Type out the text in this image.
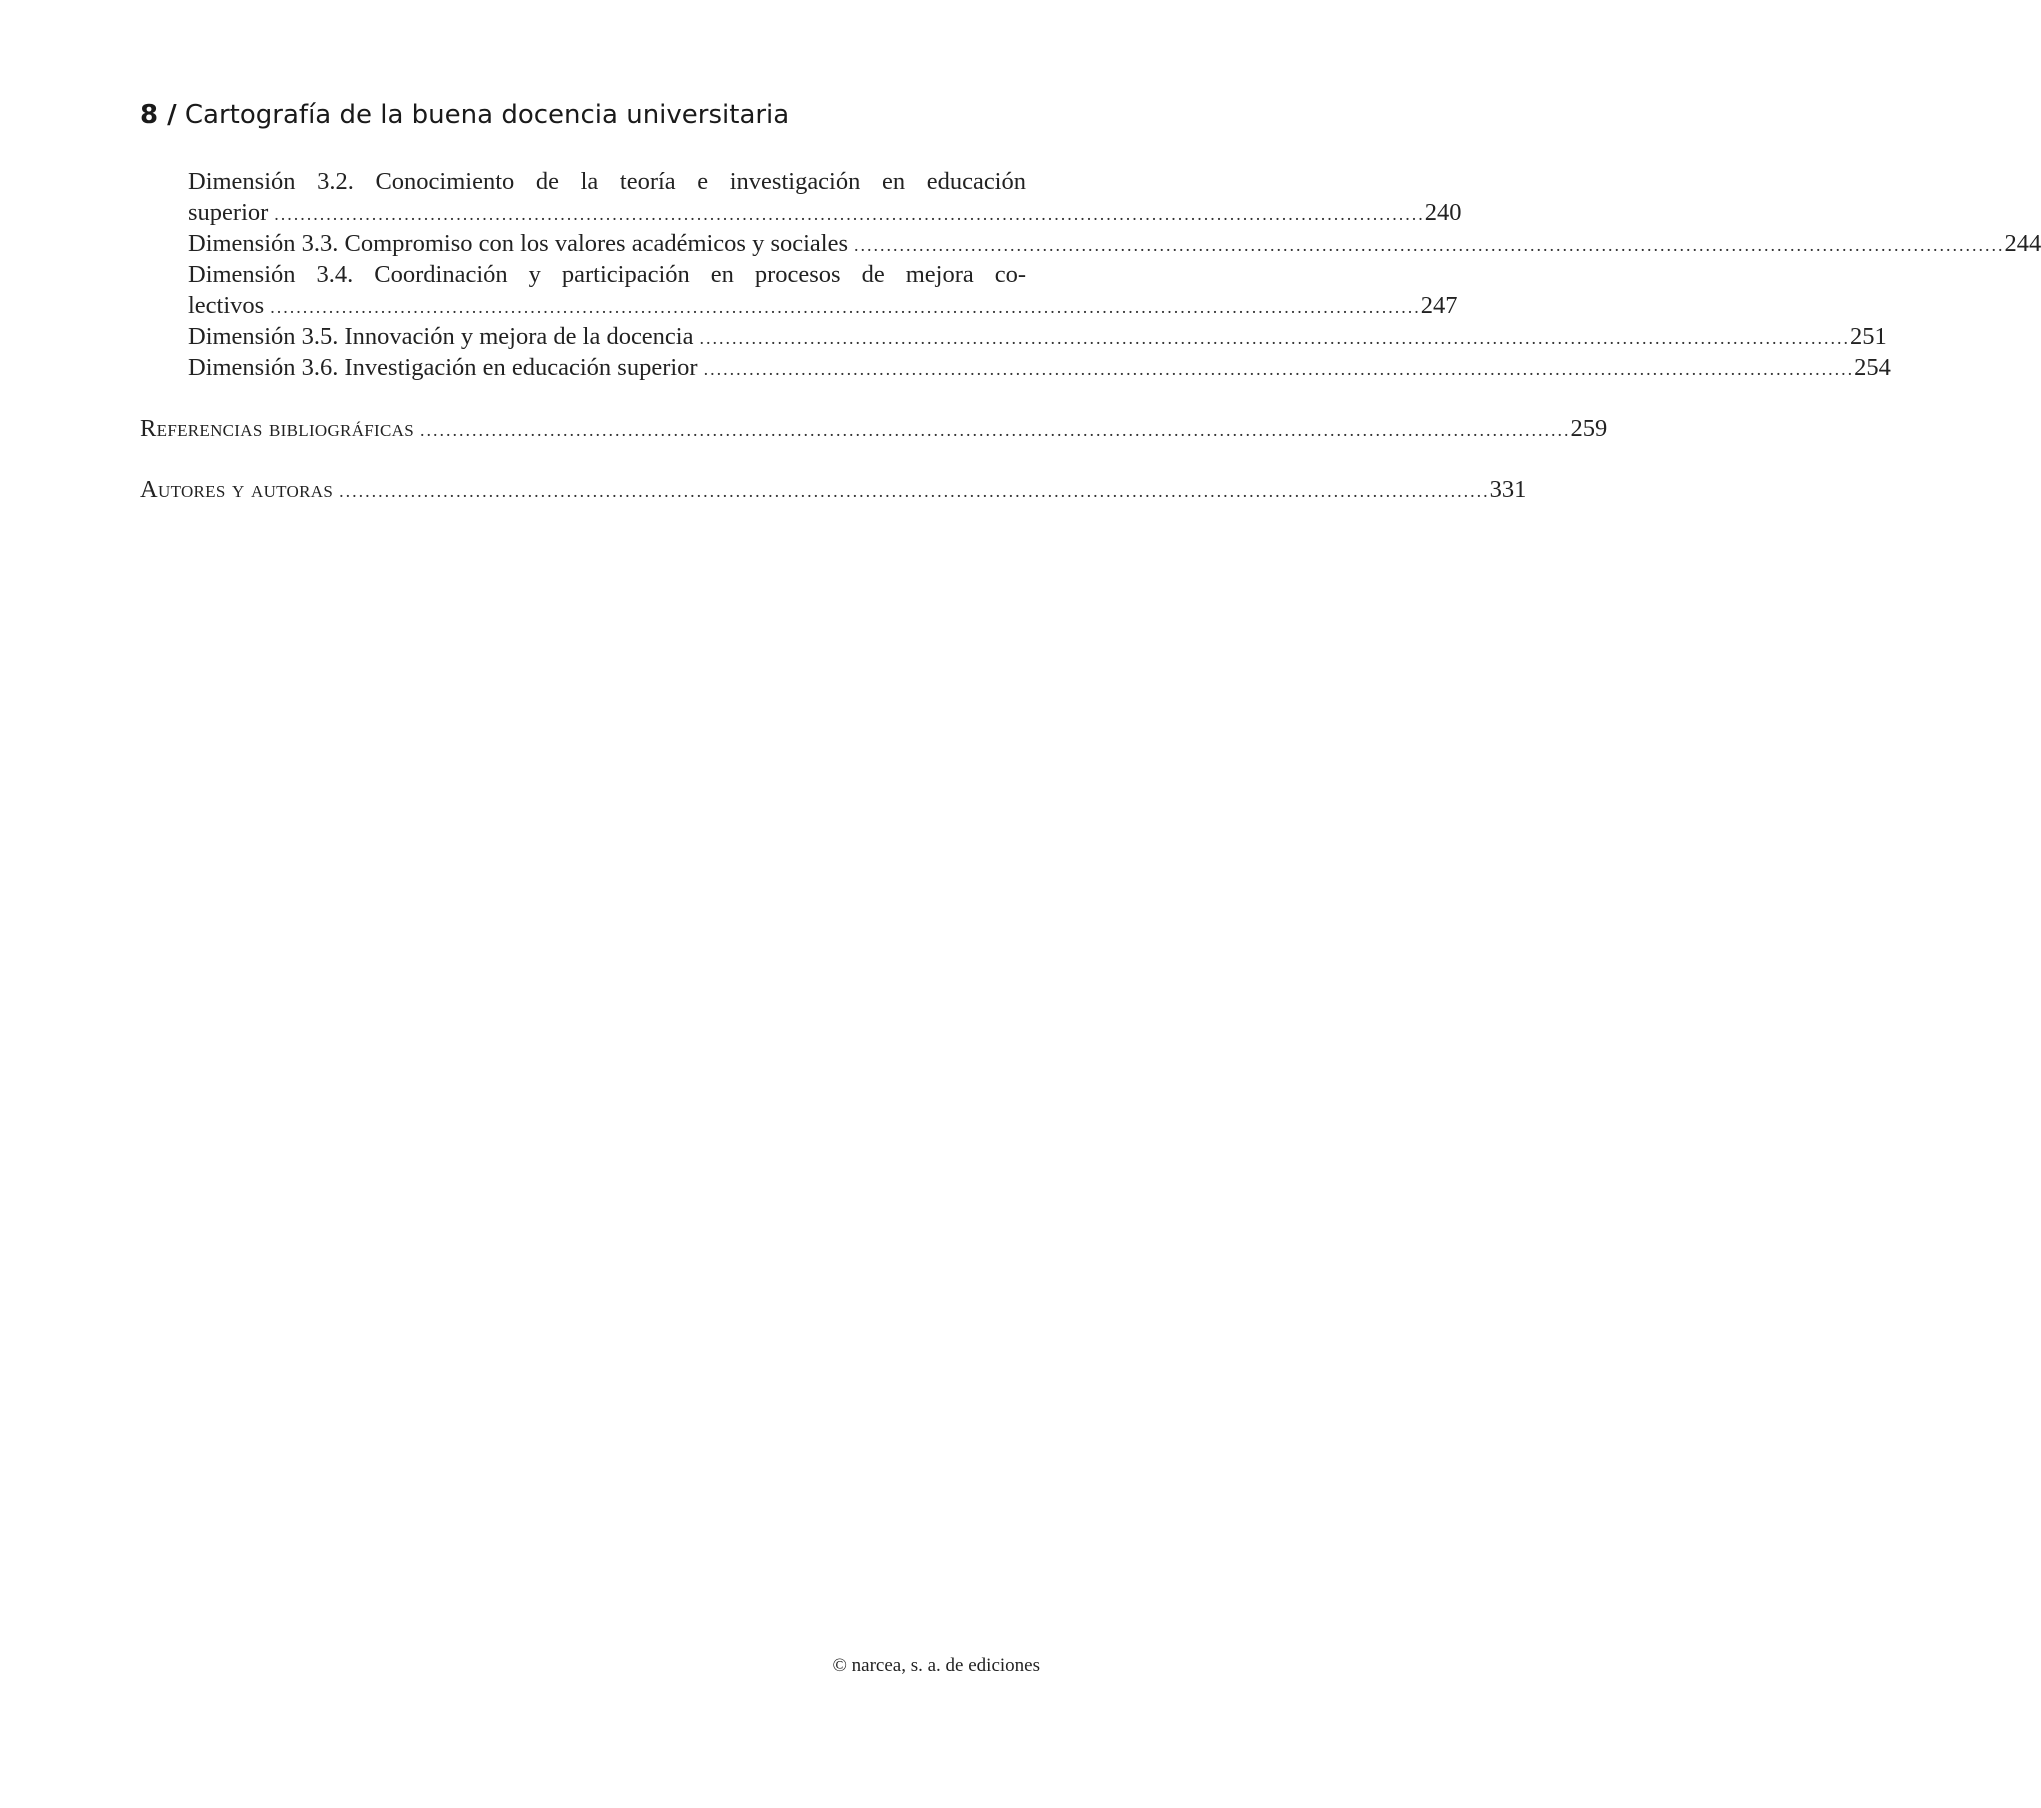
8 / Cartografía de la buena docencia universitaria
Dimensión 3.2. Conocimiento de la teoría e investigación en educación
superior ................................................................................................................................................................................. 240
Dimensión 3.3. Compromiso con los valores académicos y sociales ................................................................................................................................................................................. 244
Dimensión 3.4. Coordinación y participación en procesos de mejora co-
lectivos ................................................................................................................................................................................. 247
Dimensión 3.5. Innovación y mejora de la docencia ................................................................................................................................................................................. 251
Dimensión 3.6. Investigación en educación superior ................................................................................................................................................................................. 254
Referencias bibliográficas ................................................................................................................................................................................. 259
Autores y autoras ................................................................................................................................................................................. 331
© narcea, s. a. de ediciones
